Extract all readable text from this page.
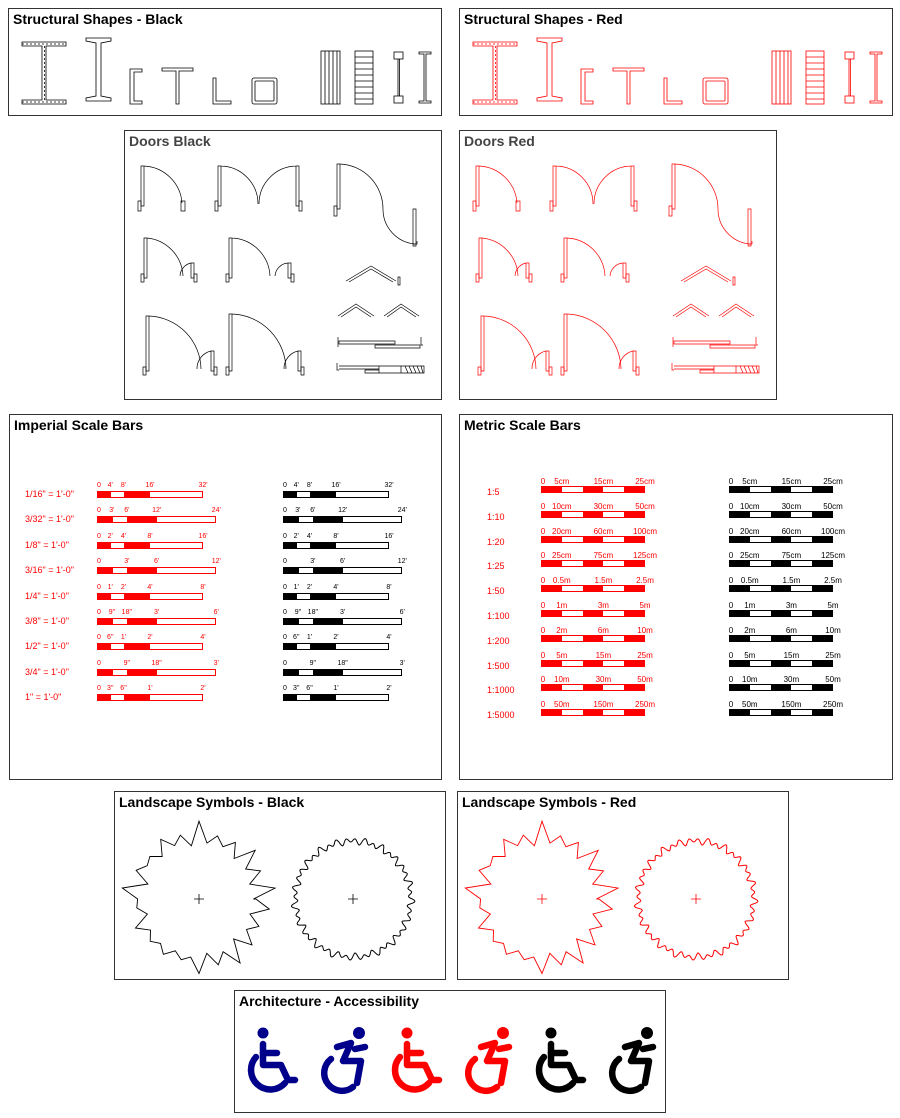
Structural Shapes - Black	Structural Shapes - Red
Doors Black	Doors Red
Imperial Scale Bars	Metric Scale Bars
1/16" = 1'-0"
0 4' 8'	16'	32'	0 4' 8'	16'	32'
3/32" = 1'-0"
0 3' 6'	12'	24'	0 3' 6'	12'	24'
1/8" = 1'-0"
0 2' 4'	8'	16'	0 2' 4'	8'	16'
3/16" = 1'-0"
0	3'	6'	12'	0	3'	6'	12'
1/4" = 1'-0"
0 1' 2'	4'	8'	0 1' 2'	4'	8'
3/8" = 1'-0"
0 9" 18"	3'	6'	0 9" 18"	3'	6'
1/2" = 1'-0"
0 6" 1'	2'	4'	0 6" 1'	2'	4'
3/4" = 1'-0"
0	9"	18"	3'	0	9"	18"	3'
1" = 1'-0"
0 3" 6"	1'	2'	0 3" 6"	1'	2'
1:5
0 5cm	15cm	25cm	0 5cm	15cm	25cm
1:10
0 10cm	30cm	50cm	0 10cm	30cm	50cm
1:20
0 20cm	60cm 100cm	0 20cm	60cm 100cm
1:25
0 25cm	75cm 125cm	0 25cm	75cm 125cm
1:50
0 0.5m	1.5m	2.5m	0 0.5m	1.5m	2.5m
1:100
0 1m	3m	5m	0 1m	3m	5m
1:200
0 2m	6m	10m	0 2m	6m	10m
1:500
0 5m	15m	25m	0 5m	15m	25m
1:1000
0 10m	30m	50m	0 10m	30m	50m
1:5000
0 50m	150m	250m	0 50m	150m	250m
Landscape Symbols - Black	Landscape Symbols - Red
Architecture - Accessibility
